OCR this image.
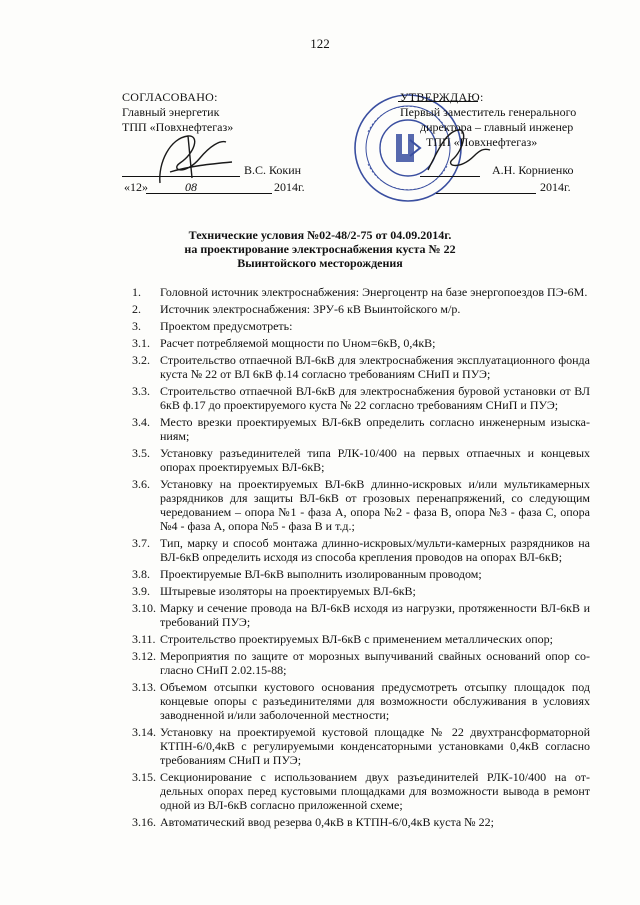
122
СОГЛАСОВАНО:
Главный энергетик
ТПП «Повхнефтегаз»
В.С. Кокин
«12»	08	2014г.
УТВЕРЖДАЮ:
Первый заместитель генерального
директора – главный инженер
ТПП «Повхнефтегаз»
А.Н. Корниенко
2014г.
Технические условия №02-48/2-75 от 04.09.2014г.
на проектирование электроснабжения куста № 22
Выинтойского месторождения
1.	Головной источник электроснабжения: Энергоцентр на базе энергопоездов ПЭ-6М.
2.	Источник электроснабжения: ЗРУ-6 кВ Выинтойского м/р.
3.	Проектом предусмотреть:
3.1. Расчет потребляемой мощности по Uном=6кВ, 0,4кВ;
3.2. Строительство отпаечной ВЛ-6кВ для электроснабжения эксплуатационного фонда куста № 22 от ВЛ 6кВ ф.14 согласно требованиям СНиП и ПУЭ;
3.3. Строительство отпаечной ВЛ-6кВ для электроснабжения буровой установки от ВЛ 6кВ ф.17 до проектируемого куста № 22 согласно требованиям СНиП и ПУЭ;
3.4. Место врезки проектируемых ВЛ-6кВ определить согласно инженерным изыска-ниям;
3.5. Установку разъединителей типа РЛК-10/400 на первых отпаечных и концевых опорах проектируемых ВЛ-6кВ;
3.6. Установку на проектируемых ВЛ-6кВ длинно-искровых и/или мультикамерных разрядников для защиты ВЛ-6кВ от грозовых перенапряжений, со следующим чередованием – опора №1 - фаза А, опора №2 - фаза В, опора №3 - фаза С, опора №4 - фаза А, опора №5 - фаза В и т.д.;
3.7. Тип, марку и способ монтажа длинно-искровых/мульти-камерных разрядников на ВЛ-6кВ определить исходя из способа крепления проводов на опорах ВЛ-6кВ;
3.8. Проектируемые ВЛ-6кВ выполнить изолированным проводом;
3.9. Штыревые изоляторы на проектируемых ВЛ-6кВ;
3.10. Марку и сечение провода на ВЛ-6кВ исходя из нагрузки, протяженности ВЛ-6кВ и требований ПУЭ;
3.11. Строительство проектируемых ВЛ-6кВ с применением металлических опор;
3.12. Мероприятия по защите от морозных выпучиваний свайных оснований опор со-гласно СНиП 2.02.15-88;
3.13. Объемом отсыпки кустового основания предусмотреть отсыпку площадок под концевые опоры с разъединителями для возможности обслуживания в условиях заводненной и/или заболоченной местности;
3.14. Установку на проектируемой кустовой площадке № 22 двухтрансформаторной КТПН-6/0,4кВ с регулируемыми конденсаторными установками 0,4кВ согласно требованиям СНиП и ПУЭ;
3.15. Секционирование с использованием двух разъединителей РЛК-10/400 на от-дельных опорах перед кустовыми площадками для возможности вывода в ремонт одной из ВЛ-6кВ согласно приложенной схеме;
3.16. Автоматический ввод резерва 0,4кВ в КТПН-6/0,4кВ куста № 22;
